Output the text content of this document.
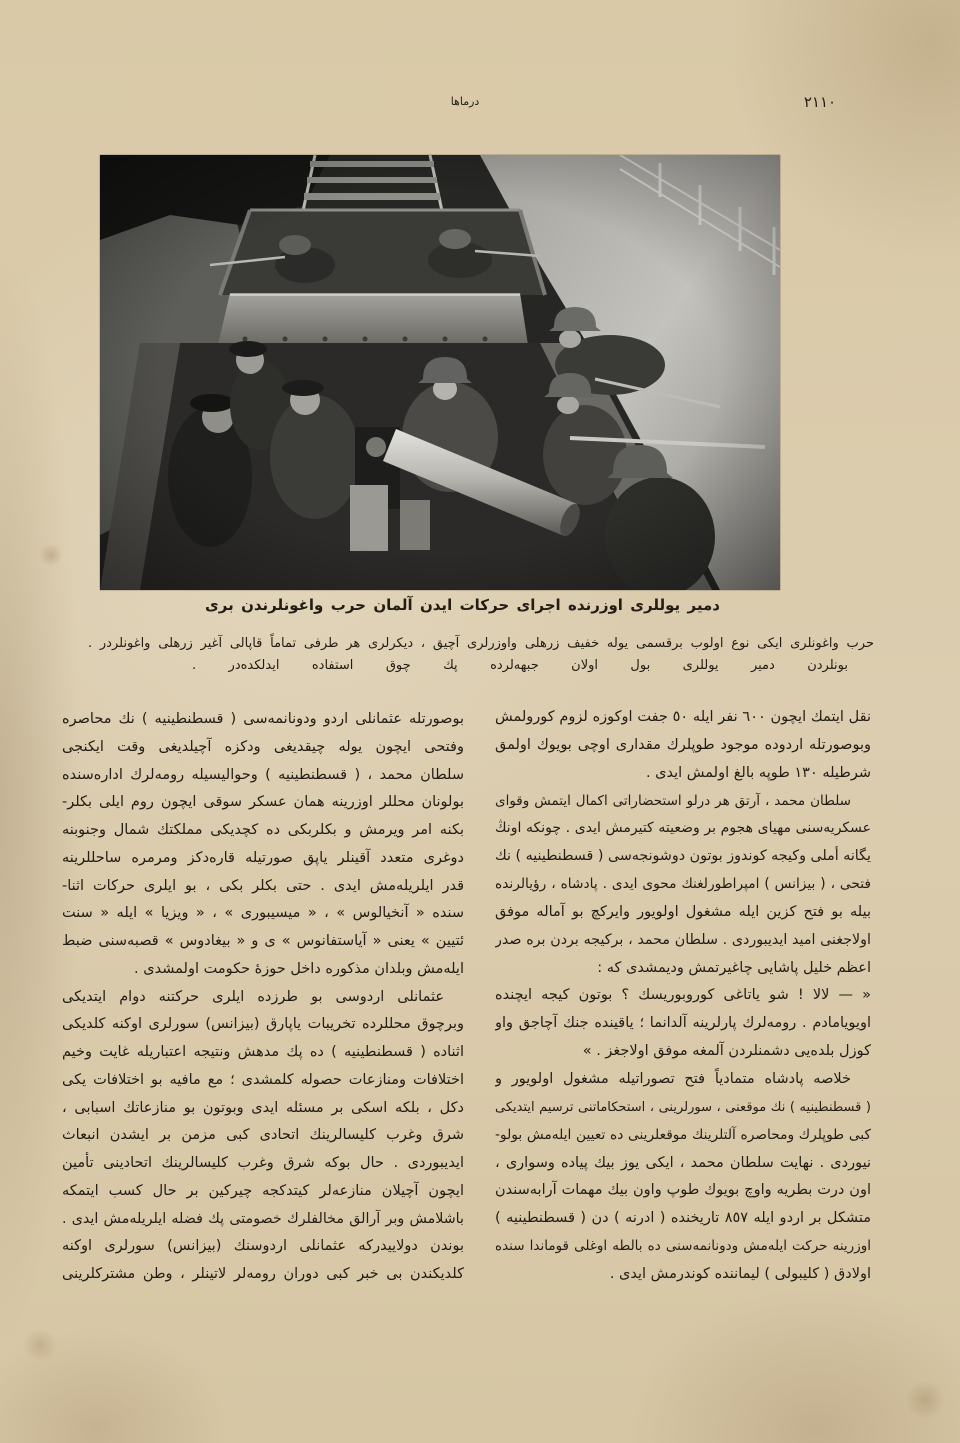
درماها	٢١١٠
دمیر یوللری اوزرنده اجرای حرکات ایدن آلمان حرب واغونلرندن بری
حرب واغونلری ایکی نوع اولوب برقسمی یوله خفیف زرهلی واوزرلری آچیق ، دیکرلری هر طرفی تماماً قاپالی آغیر زرهلی واغونلردر .
بونلردن دمیر یوللری بول اولان جبهه‌لرده پك چوق استفاده ایدلکده‌در .
نقل ایتمك ایچون ٦٠٠ نفر ایله ٥٠ جفت اوکوزه لزوم کورولمش
وبوصورتله اردوده موجود طوپلرك مقداری اوچی بویوك اولمق
شرطیله ١٣٠ طوپه بالغ اولمش ایدی .
سلطان محمد ، آرتق هر درلو استحضاراتی اکمال ایتمش وقوای
عسکریه‌سنی مهیای هجوم بر وضعیته کتیرمش ایدی . چونکه اونڭ
یگانه أملی وکیجه کوندوز بوتون دوشونجه‌سی ( قسطنطینیه ) نك
فتحی ، ( بیزانس ) امپراطورلغنك محوی ایدی . پادشاه ، رؤیالرنده
بیله بو فتح کزین ایله مشغول اولویور وایرکچ بو آماله موفق
اولاجغنی امید ایدیبوردی . سلطان محمد ، برکیجه بردن بره صدر
اعظم خلیل پاشایی چاغیرتمش ودیمشدی که :
« — لالا ! شو یاتاغی کوروبوریسك ؟ بوتون کیجه ایچنده
اویویامادم . رومه‌لرك پارلرینه آلدانما ؛ یاقینده جنك آچاجق واو
کوزل بلده‌یی دشمنلردن آلمغه موفق اولاجغز . »
خلاصه پادشاه متمادیاً فتح تصوراتیله مشغول اولویور و
( قسطنطینیه ) نك موقعنی ، سورلرینی ، استحکاماتنی ترسیم ایتدیکی
کبی طوپلرك ومحاصره آلتلرینك موقعلرینی ده تعیین ایله‌مش بولو-
نیوردی . نهایت سلطان محمد ، ایکی یوز بیك پیاده وسواری ،
اون درت بطریه واوچ بویوك طوپ واون بیك مهمات آرابه‌سندن
متشکل بر اردو ایله ٨٥٧ تاریخنده ( ادرنه ) دن ( قسطنطینیه )
اوزرینه حرکت ایله‌مش ودونانمه‌سنی ده بالطه اوغلی قوماندا سنده
اولادق ( کلیبولی ) لیماننده کوندرمش ایدی .
بوصورتله عثمانلی اردو ودونانمه‌سی ( قسطنطینیه ) نك محاصره
وفتحی ایچون یوله چیقدیغی ودکزه آچیلدیغی وقت ایکنجی
سلطان محمد ، ( قسطنطینیه ) وحوالیسیله رومه‌لرك اداره‌سنده
بولونان محللر اوزرینه همان عسکر سوقی ایچون روم ایلی بکلر-
بکنه امر ویرمش و بکلربکی ده کچدیکی مملکتك شمال وجنوبنه
دوغری متعدد آقینلر یاپق صورتیله قاره‌دکز ومرمره ساحللرینه
قدر ایلریله‌مش ایدی . حتی بکلر بکی ، بو ایلری حرکات اثنا-
سنده « آنخیالوس » ، « میسیبوری » ، « ویزیا » ایله « سنت
ئتیین » یعنی « آیاستفانوس » ی و « بیغادوس » قصبه‌سنی ضبط
ایله‌مش وبلدان مذکوره داخل حوزهٔ حکومت اولمشدی .
عثمانلی اردوسی بو طرزده ایلری حرکتنه دوام ایتدیکی
وبرچوق محللرده تخریبات یاپارق (بیزانس) سورلری اوکنه کلدیکی
اثناده ( قسطنطینیه ) ده پك مدهش ونتیجه اعتباریله غایت وخیم
اختلافات ومنازعات حصوله کلمشدی ؛ مع مافیه بو اختلافات یکی
دکل ، بلکه اسکی بر مسئله ایدی وبوتون بو منازعاتك اسبابی ،
شرق وغرب کلیسالرینك اتحادی کبی مزمن بر ایشدن انبعاث
ایدیبوردی . حال بوکه شرق وغرب کلیسالرینك اتحادینی تأمین
ایچون آچیلان منازعه‌لر کیتدکجه چیرکین بر حال کسب ایتمکه
باشلامش وبر آرالق مخالفلرك خصومتی پك فضله ایلریله‌مش ایدی .
بوندن دولاییدرکه عثمانلی اردوسنك (بیزانس) سورلری اوکنه
کلدیکندن بی خبر کبی دوران رومه‌لر لاتینلر ، وطن مشترکلرینی
